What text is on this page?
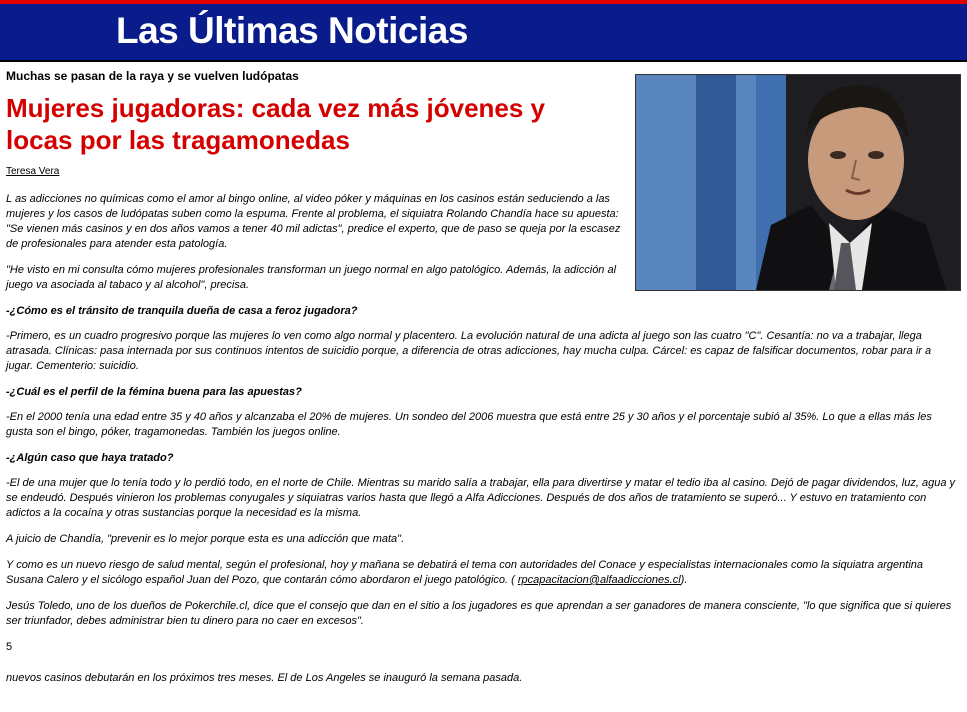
Las Últimas Noticias
Muchas se pasan de la raya y se vuelven ludópatas
Mujeres jugadoras: cada vez más jóvenes y locas por las tragamonedas
Teresa Vera

L as adicciones no químicas como el amor al bingo online, al video póker y máquinas en los casinos están seduciendo a las mujeres y los casos de ludópatas suben como la espuma. Frente al problema, el siquiatra Rolando Chandía hace su apuesta: "Se vienen más casinos y en dos años vamos a tener 40 mil adictas", predice el experto, que de paso se queja por la escasez de profesionales para atender esta patología.

"He visto en mi consulta cómo mujeres profesionales transforman un juego normal en algo patológico. Además, la adicción al juego va asociada al tabaco y al alcohol", precisa.

-¿Cómo es el tránsito de tranquila dueña de casa a feroz jugadora?

-Primero, es un cuadro progresivo porque las mujeres lo ven como algo normal y placentero. La evolución natural de una adicta al juego son las cuatro "C". Cesantía: no va a trabajar, llega atrasada. Clínicas: pasa internada por sus continuos intentos de suicidio porque, a diferencia de otras adicciones, hay mucha culpa. Cárcel: es capaz de falsificar documentos, robar para ir a jugar. Cementerio: suicidio.

-¿Cuál es el perfil de la fémina buena para las apuestas?

-En el 2000 tenía una edad entre 35 y 40 años y alcanzaba el 20% de mujeres. Un sondeo del 2006 muestra que está entre 25 y 30 años y el porcentaje subió al 35%. Lo que a ellas más les gusta son el bingo, póker, tragamonedas. También los juegos online.

-¿Algún caso que haya tratado?

-El de una mujer que lo tenía todo y lo perdió todo, en el norte de Chile. Mientras su marido salía a trabajar, ella para divertirse y matar el tedio iba al casino. Dejó de pagar dividendos, luz, agua y se endeudó. Después vinieron los problemas conyugales y siquiatras varios hasta que llegó a Alfa Adicciones. Después de dos años de tratamiento se superó... Y estuvo en tratamiento con adictos a la cocaína y otras sustancias porque la necesidad es la misma.

A juicio de Chandía, "prevenir es lo mejor porque esta es una adicción que mata".

Y como es un nuevo riesgo de salud mental, según el profesional, hoy y mañana se debatirá el tema con autoridades del Conace y especialistas internacionales como la siquiatra argentina Susana Calero y el sicólogo español Juan del Pozo, que contarán cómo abordaron el juego patológico. ( rpcapacitacion@alfaadicciones.cl).

Jesús Toledo, uno de los dueños de Pokerchile.cl, dice que el consejo que dan en el sitio a los jugadores es que aprendan a ser ganadores de manera consciente, "lo que significa que si quieres ser triunfador, debes administrar bien tu dinero para no caer en excesos".

5

nuevos casinos debutarán en los próximos tres meses. El de Los Angeles se inauguró la semana pasada.
